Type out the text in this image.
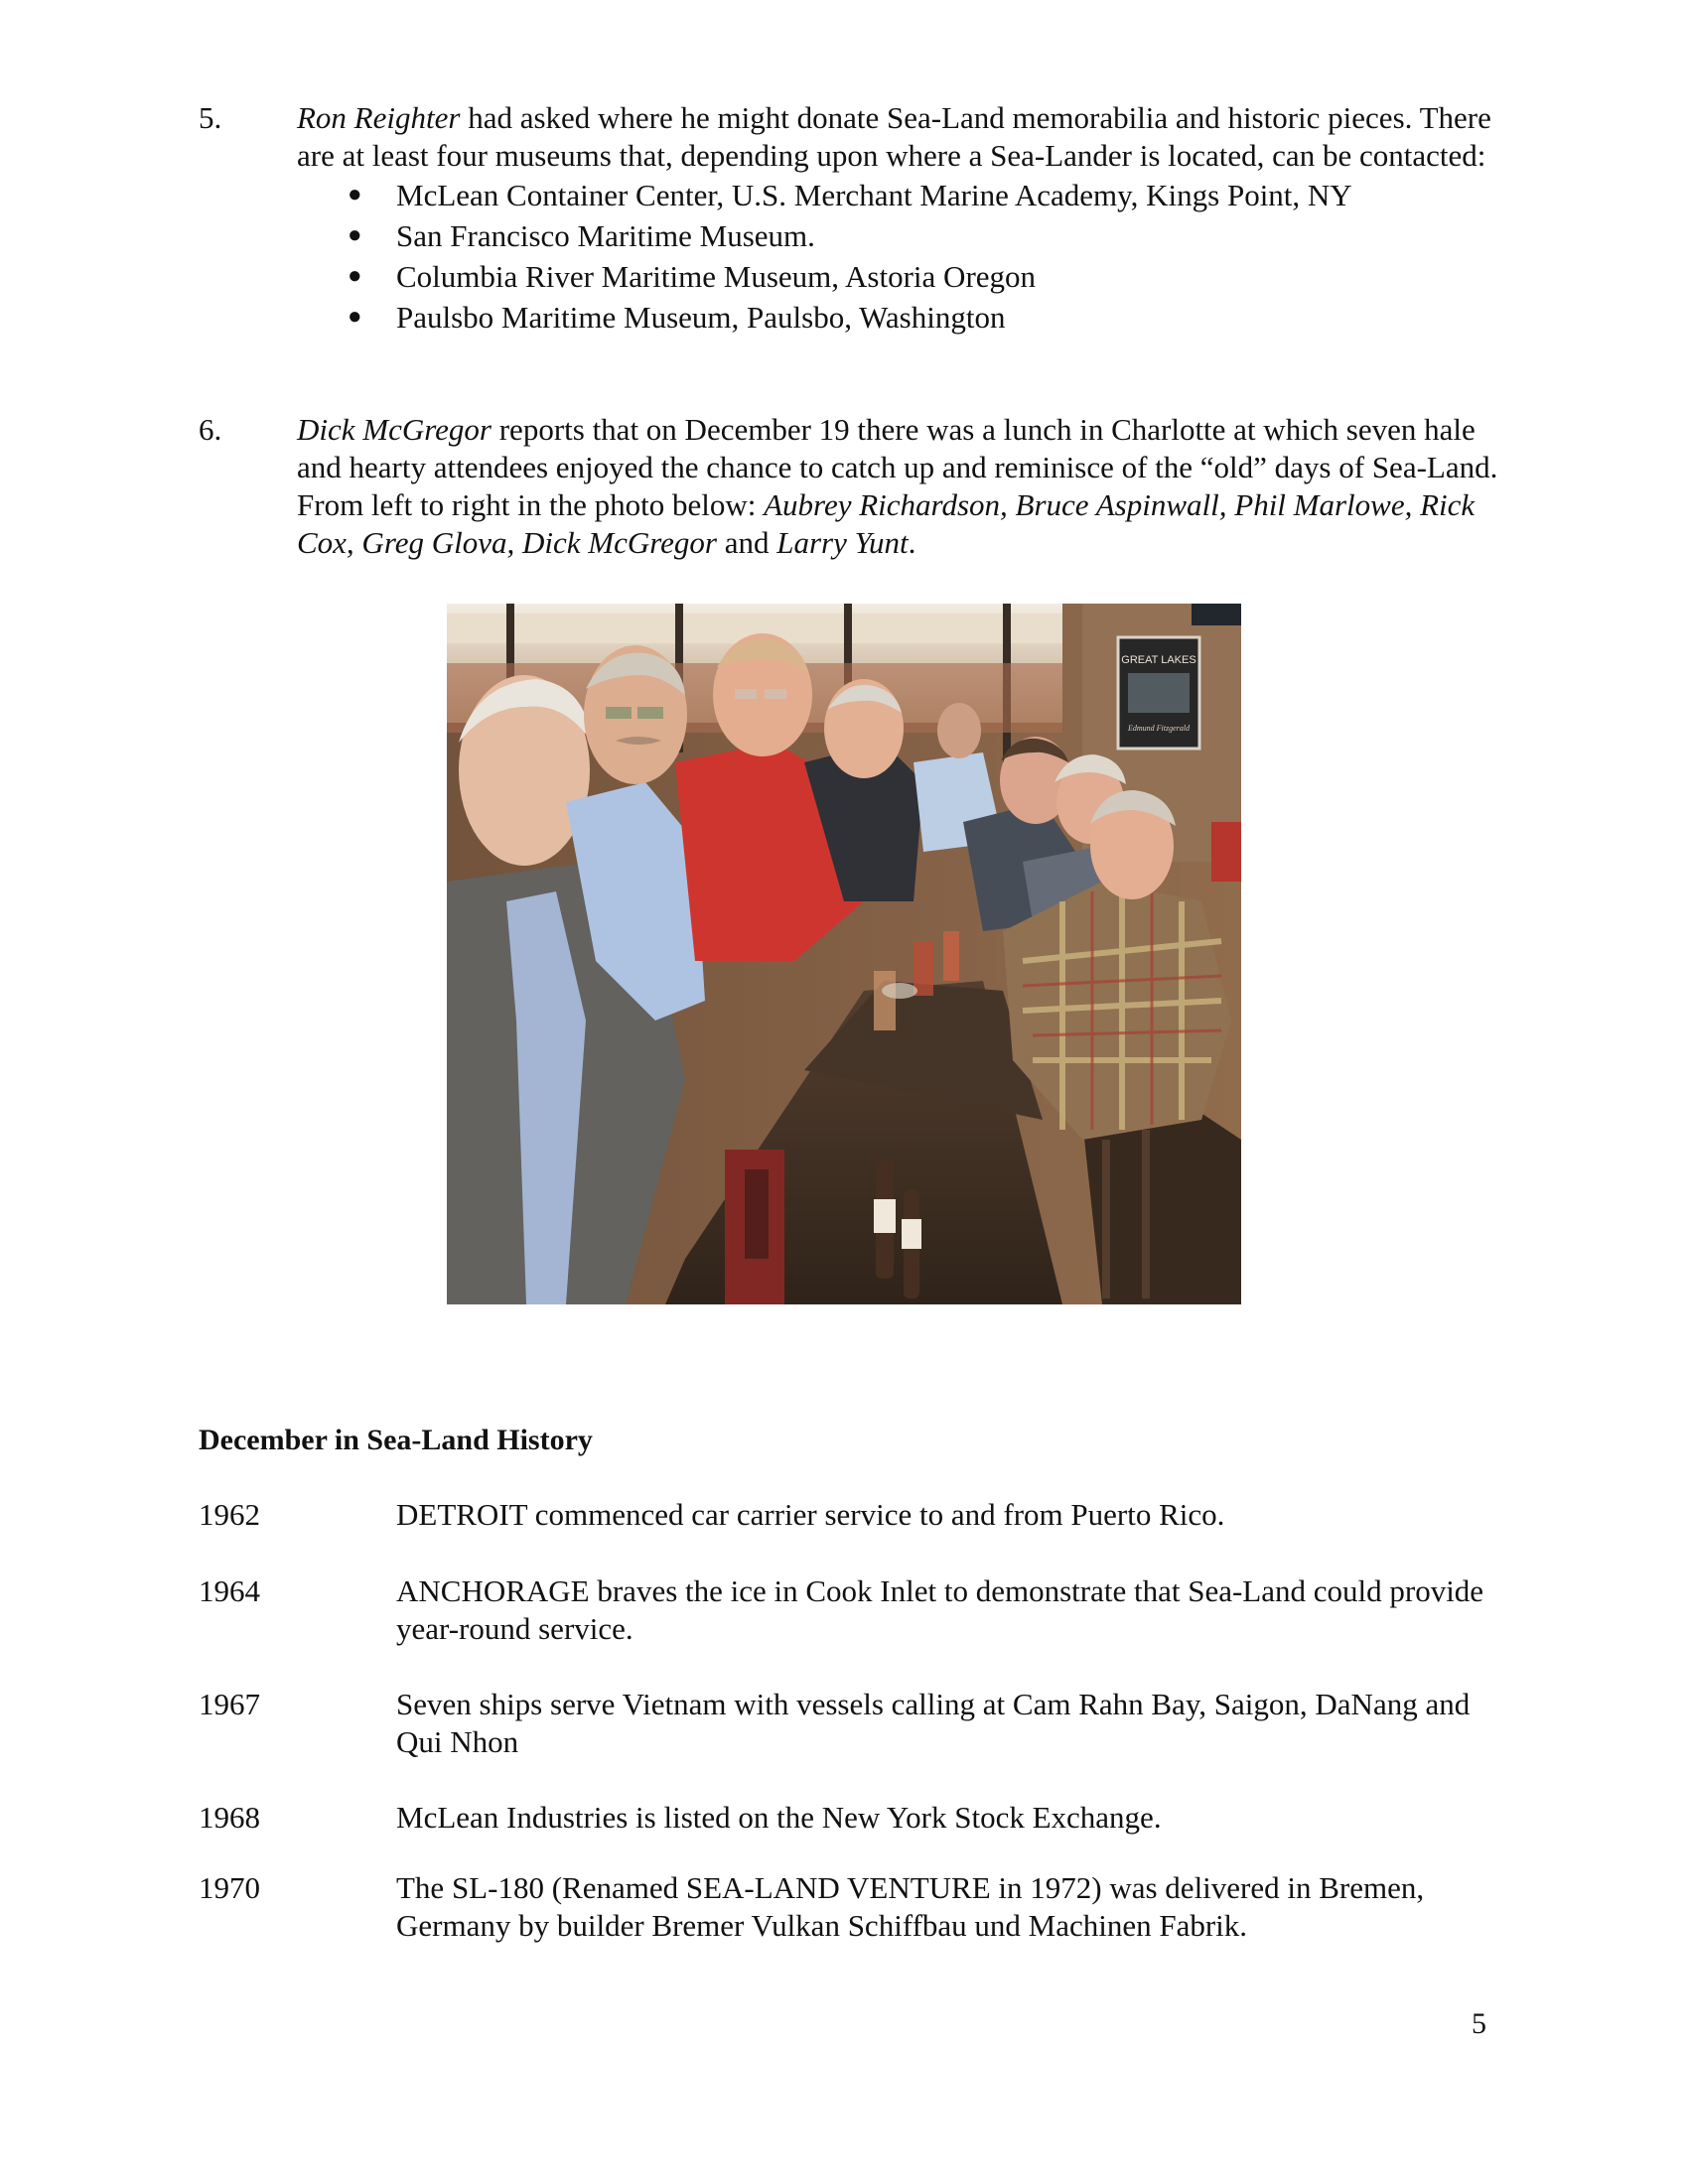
5. Ron Reighter had asked where he might donate Sea-Land memorabilia and historic pieces. There are at least four museums that, depending upon where a Sea-Lander is located, can be contacted:

● McLean Container Center, U.S. Merchant Marine Academy, Kings Point, NY
● San Francisco Maritime Museum.
● Columbia River Maritime Museum, Astoria Oregon
● Paulsbo Maritime Museum, Paulsbo, Washington
6. Dick McGregor reports that on December 19 there was a lunch in Charlotte at which seven hale and hearty attendees enjoyed the chance to catch up and reminisce of the “old” days of Sea-Land. From left to right in the photo below: Aubrey Richardson, Bruce Aspinwall, Phil Marlowe, Rick Cox, Greg Glova, Dick McGregor and Larry Yunt.

GREAT LAKES
Edmund Fitzgerald
December in Sea-Land History
1962	DETROIT commenced car carrier service to and from Puerto Rico.
1964	ANCHORAGE braves the ice in Cook Inlet to demonstrate that Sea-Land could provide year-round service.
1967	Seven ships serve Vietnam with vessels calling at Cam Rahn Bay, Saigon, DaNang and Qui Nhon
1968	McLean Industries is listed on the New York Stock Exchange.
1970	The SL-180 (Renamed SEA-LAND VENTURE in 1972) was delivered in Bremen, Germany by builder Bremer Vulkan Schiffbau und Machinen Fabrik.
5
